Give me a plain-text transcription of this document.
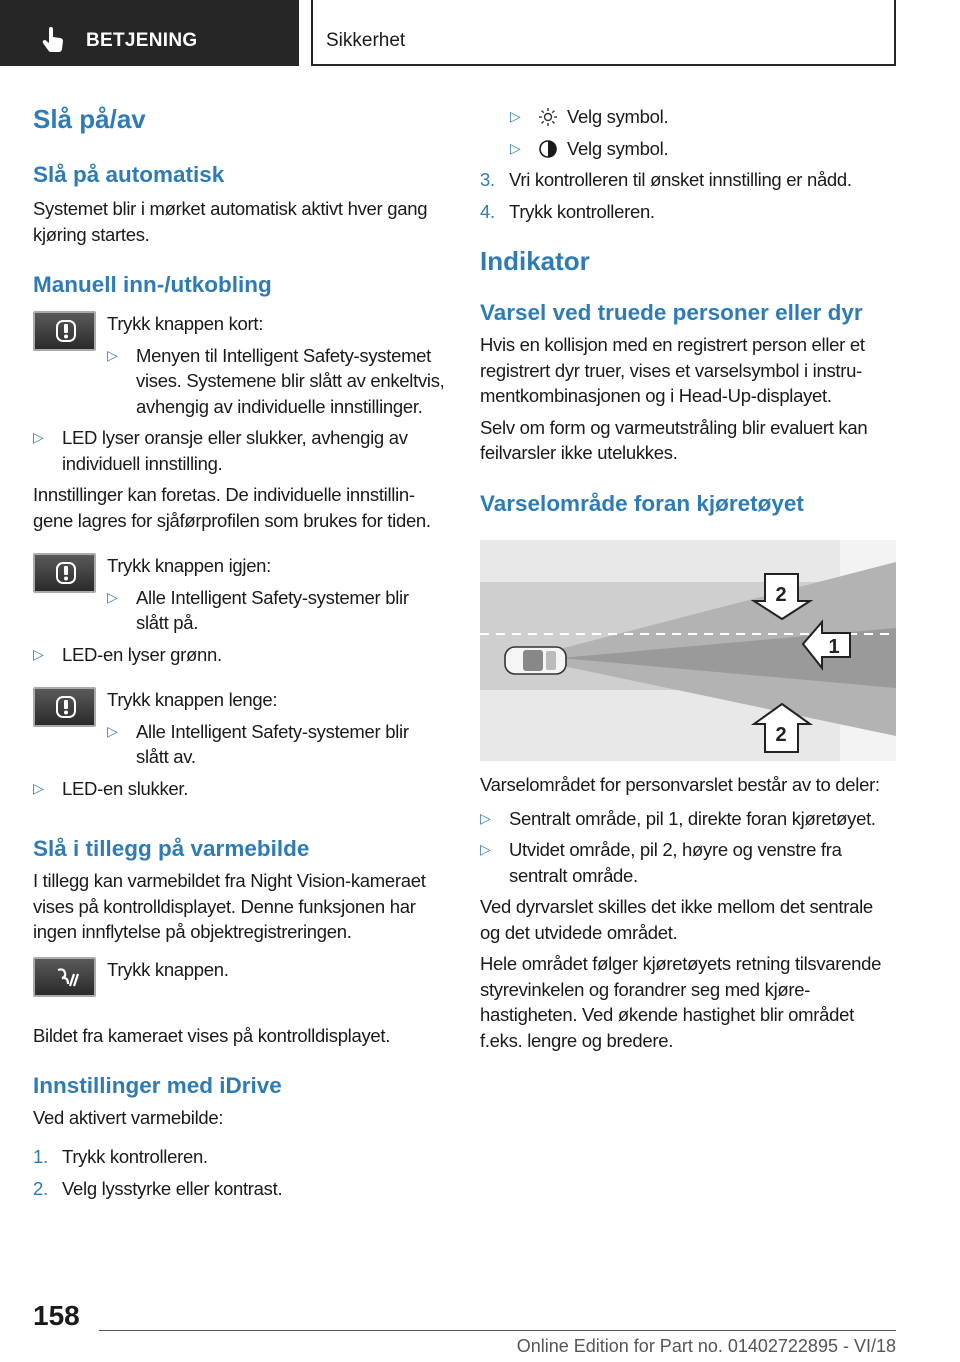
BETJENING	Sikkerhet
Slå på/av
Slå på automatisk
Systemet blir i mørket automatisk aktivt hver gang kjøring startes.
Manuell inn-/utkobling
Trykk knappen kort:
▷ Menyen til Intelligent Safety-systemet vises. Systemene blir slått av enkeltvis, avhengig av individuelle innstillinger.
▷ LED lyser oransje eller slukker, avhengig av individuell innstilling.
Innstillinger kan foretas. De individuelle innstillingene lagres for sjåførprofilen som brukes for tiden.
Trykk knappen igjen:
▷ Alle Intelligent Safety-systemer blir slått på.
▷ LED-en lyser grønn.
Trykk knappen lenge:
▷ Alle Intelligent Safety-systemer blir slått av.
▷ LED-en slukker.
Slå i tillegg på varmebilde
I tillegg kan varmebildet fra Night Vision-kameraet vises på kontrolldisplayet. Denne funksjonen har ingen innflytelse på objektregistreringen.
Trykk knappen.
Bildet fra kameraet vises på kontrolldisplayet.
Innstillinger med iDrive
Ved aktivert varmebilde:
1. Trykk kontrolleren.
2. Velg lysstyrke eller kontrast.
▷	Velg symbol.
▷	Velg symbol.
3. Vri kontrolleren til ønsket innstilling er nådd.
4. Trykk kontrolleren.
Indikator
Varsel ved truede personer eller dyr
Hvis en kollisjon med en registrert person eller et registrert dyr truer, vises et varselsymbol i instrumentkombinasjonen og i Head-Up-displayet.
Selv om form og varmeutstråling blir evaluert kan feilvarsler ikke utelukkes.
Varselområde foran kjøretøyet
2
1
2
Varselområdet for personvarslet består av to deler:
▷ Sentralt område, pil 1, direkte foran kjøretøyet.
▷ Utvidet område, pil 2, høyre og venstre fra sentralt område.
Ved dyrvarslet skilles det ikke mellom det sentrale og det utvidede området.
Hele området følger kjøretøyets retning tilsvarende styrevinkelen og forandrer seg med kjørehastigheten. Ved økende hastighet blir området f.eks. lengre og bredere.
158
Online Edition for Part no. 01402722895 - VI/18
